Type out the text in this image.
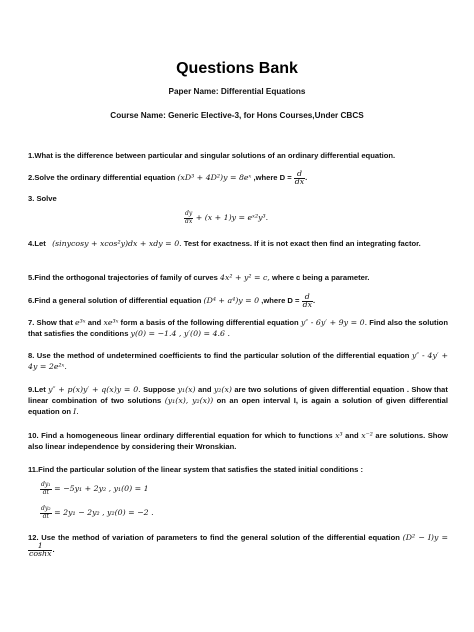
Questions Bank
Paper Name: Differential Equations
Course Name: Generic Elective-3, for Hons Courses,Under CBCS
1.What is the difference between particular and singular solutions of an ordinary differential equation.
2.Solve the ordinary differential equation (xD³ + 4D²)y = 8eˣ ,where $D = \frac{d}{dx}$ .
3. Solve
$\frac{dy}{dx} + (x + 1)y$ = eˣ²y³.
4.Let (sinycosy + xcos²y)dx + xdy = 0. Test for exactness. If it is not exact then find an integrating factor.
5.Find the orthogonal trajectories of family of curves 4x² + y² = c, where c being a parameter.
6.Find a general solution of differential equation (D⁴ + a⁴)y = 0 ,where $D = \frac{d}{dx}$ .
7. Show that e³ˣ and xe³ˣ form a basis of the following differential equation y″ - 6y′ + 9y = 0. Find also the solution that satisfies the conditions y(0) = −1.4 , y′(0) = 4.6 .
8. Use the method of undetermined coefficients to find the particular solution of the differential equation y″ - 4y′ + 4y = 2e²ˣ.
9.Let y″ + p(x)y′ + q(x)y = 0. Suppose y₁(x) and y₂(x) are two solutions of given differential equation . Show that linear combination of two solutions (y₁(x), y₂(x)) on an open interval I, is again a solution of given differential equation on I.
10. Find a homogeneous linear ordinary differential equation for which to functions x³ and x⁻² are solutions. Show also linear independence by considering their Wronskian.
11.Find the particular solution of the linear system that satisfies the stated initial conditions :
$\frac{\text{dy₁}}{dt} = -5y_1 + 2y_2$ , y₁(0) = 1
$\frac{\text{dy₂}}{dt} = 2y_1 - 2y_2$ , y₂(0) = −2 .
12. Use the method of variation of parameters to find the general solution of the differential equation (D² − I)y =
$\frac{1}{\cosh x}$ .
